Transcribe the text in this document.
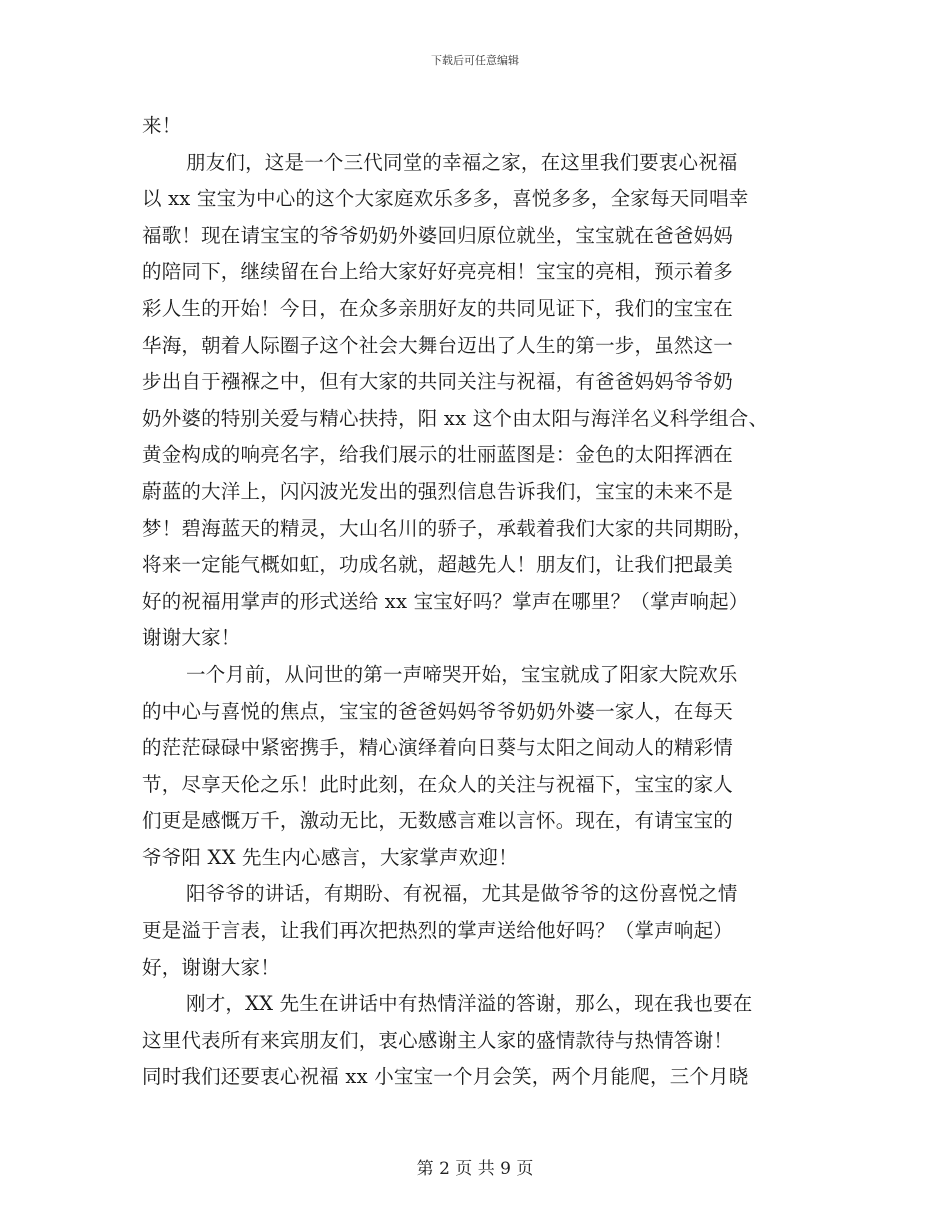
下载后可任意编辑
来！
朋友们，这是一个三代同堂的幸福之家，在这里我们要衷心祝福
以 xx 宝宝为中心的这个大家庭欢乐多多，喜悦多多，全家每天同唱幸
福歌！现在请宝宝的爷爷奶奶外婆回归原位就坐，宝宝就在爸爸妈妈
的陪同下，继续留在台上给大家好好亮亮相！宝宝的亮相，预示着多
彩人生的开始！今日，在众多亲朋好友的共同见证下，我们的宝宝在
华海，朝着人际圈子这个社会大舞台迈出了人生的第一步，虽然这一
步出自于襁褓之中，但有大家的共同关注与祝福，有爸爸妈妈爷爷奶
奶外婆的特别关爱与精心扶持，阳 xx 这个由太阳与海洋名义科学组合、
黄金构成的响亮名字，给我们展示的壮丽蓝图是：金色的太阳挥洒在
蔚蓝的大洋上，闪闪波光发出的强烈信息告诉我们，宝宝的未来不是
梦！碧海蓝天的精灵，大山名川的骄子，承载着我们大家的共同期盼，
将来一定能气概如虹，功成名就，超越先人！朋友们，让我们把最美
好的祝福用掌声的形式送给 xx 宝宝好吗？掌声在哪里？（掌声响起）
谢谢大家！
一个月前，从问世的第一声啼哭开始，宝宝就成了阳家大院欢乐
的中心与喜悦的焦点，宝宝的爸爸妈妈爷爷奶奶外婆一家人，在每天
的茫茫碌碌中紧密携手，精心演绎着向日葵与太阳之间动人的精彩情
节，尽享天伦之乐！此时此刻，在众人的关注与祝福下，宝宝的家人
们更是感慨万千，激动无比，无数感言难以言怀。现在，有请宝宝的
爷爷阳 XX 先生内心感言，大家掌声欢迎！
阳爷爷的讲话，有期盼、有祝福，尤其是做爷爷的这份喜悦之情
更是溢于言表，让我们再次把热烈的掌声送给他好吗？（掌声响起）
好，谢谢大家！
刚才，XX 先生在讲话中有热情洋溢的答谢，那么，现在我也要在
这里代表所有来宾朋友们，衷心感谢主人家的盛情款待与热情答谢！
同时我们还要衷心祝福 xx 小宝宝一个月会笑，两个月能爬，三个月晓
第 2 页 共 9 页
